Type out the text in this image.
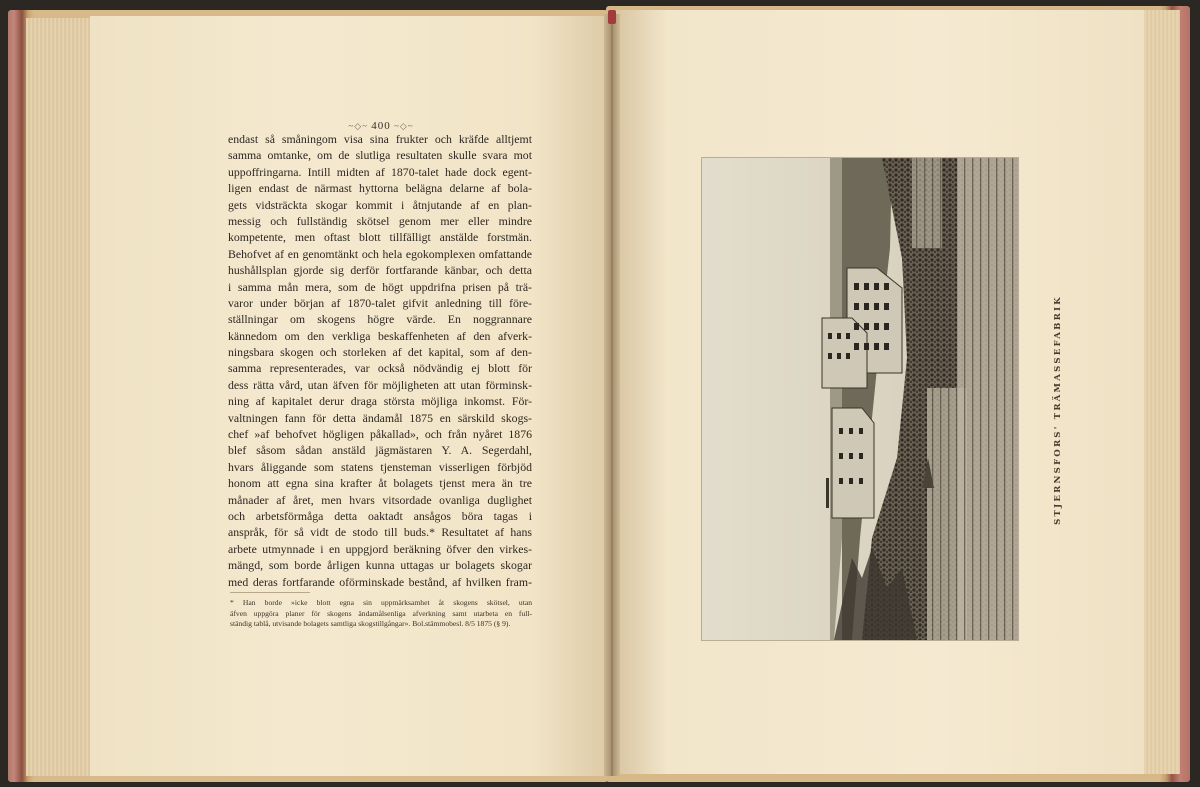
~◇~ 400 ~◇~
endast så småningom visa sina frukter och kräfde alltjemt
samma omtanke, om de slutliga resultaten skulle svara mot
uppoffringarna. Intill midten af 1870-talet hade dock egent-
ligen endast de närmast hyttorna belägna delarne af bola-
gets vidsträckta skogar kommit i åtnjutande af en plan-
messig och fullständig skötsel genom mer eller mindre
kompetente, men oftast blott tillfälligt anstälde forstmän.
Behofvet af en genomtänkt och hela egokomplexen omfattande
hushållsplan gjorde sig derför fortfarande känbar, och detta
i samma mån mera, som de högt uppdrifna prisen på trä-
varor under början af 1870-talet gifvit anledning till före-
ställningar om skogens högre värde. En noggrannare
kännedom om den verkliga beskaffenheten af den afverk-
ningsbara skogen och storleken af det kapital, som af den-
samma representerades, var också nödvändig ej blott för
dess rätta vård, utan äfven för möjligheten att utan förminsk-
ning af kapitalet derur draga största möjliga inkomst. För-
valtningen fann för detta ändamål 1875 en särskild skogs-
chef »af behofvet högligen påkallad», och från nyåret 1876
blef såsom sådan anstäld jägmästaren Y. A. Segerdahl,
hvars åliggande som statens tjensteman visserligen förbjöd
honom att egna sina krafter åt bolagets tjenst mera än tre
månader af året, men hvars vitsordade ovanliga duglighet
och arbetsförmåga detta oaktadt ansågos böra tagas i
anspråk, för så vidt de stodo till buds.* Resultatet af hans
arbete utmynnade i en uppgjord beräkning öfver den virkes-
mängd, som borde årligen kunna uttagas ur bolagets skogar
med deras fortfarande oförminskade bestånd, af hvilken fram-
* Han borde »icke blott egna sin uppmärksamhet åt skogens skötsel, utan
äfven uppgöra planer för skogens ändamålsenliga afverkning samt utarbeta en full-
ständig tablå, utvisande bolagets samtliga skogstillgångar». Bol.stämmobesl. 8/5 1875 (§ 9).
STJERNSFORS' TRÄMASSEFABRIK
